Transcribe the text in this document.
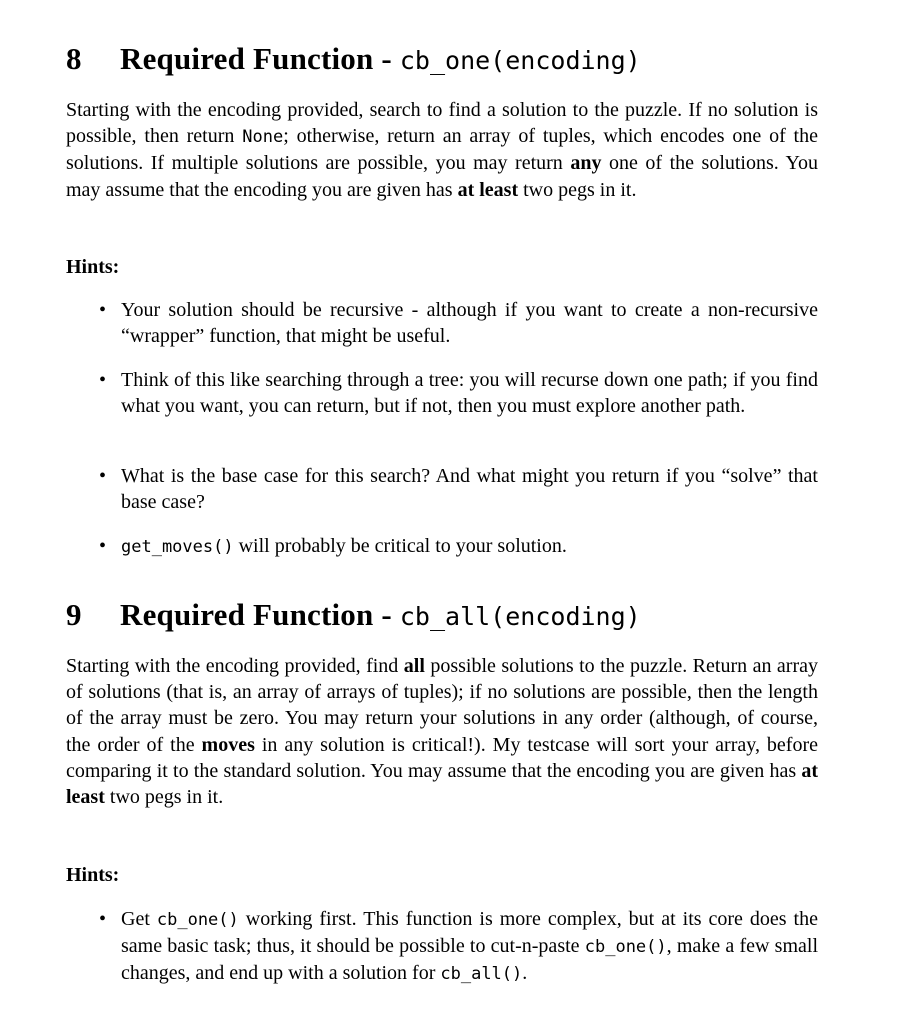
8 Required Function - cb_one(encoding)
Starting with the encoding provided, search to find a solution to the puzzle. If no solution is possible, then return None; otherwise, return an array of tuples, which encodes one of the solutions. If multiple solutions are possible, you may return any one of the solutions. You may assume that the encoding you are given has at least two pegs in it.
Hints:
• Your solution should be recursive - although if you want to create a non-recursive “wrapper” function, that might be useful.
• Think of this like searching through a tree: you will recurse down one path; if you find what you want, you can return, but if not, then you must explore another path.
• What is the base case for this search? And what might you return if you “solve” that base case?
• get_moves() will probably be critical to your solution.
9 Required Function - cb_all(encoding)
Starting with the encoding provided, find all possible solutions to the puzzle. Return an array of solutions (that is, an array of arrays of tuples); if no solutions are possible, then the length of the array must be zero. You may return your solutions in any order (although, of course, the order of the moves in any solution is critical!). My testcase will sort your array, before comparing it to the standard solution. You may assume that the encoding you are given has at least two pegs in it.
Hints:
• Get cb_one() working first. This function is more complex, but at its core does the same basic task; thus, it should be possible to cut-n-paste cb_one(), make a few small changes, and end up with a solution for cb_all().
